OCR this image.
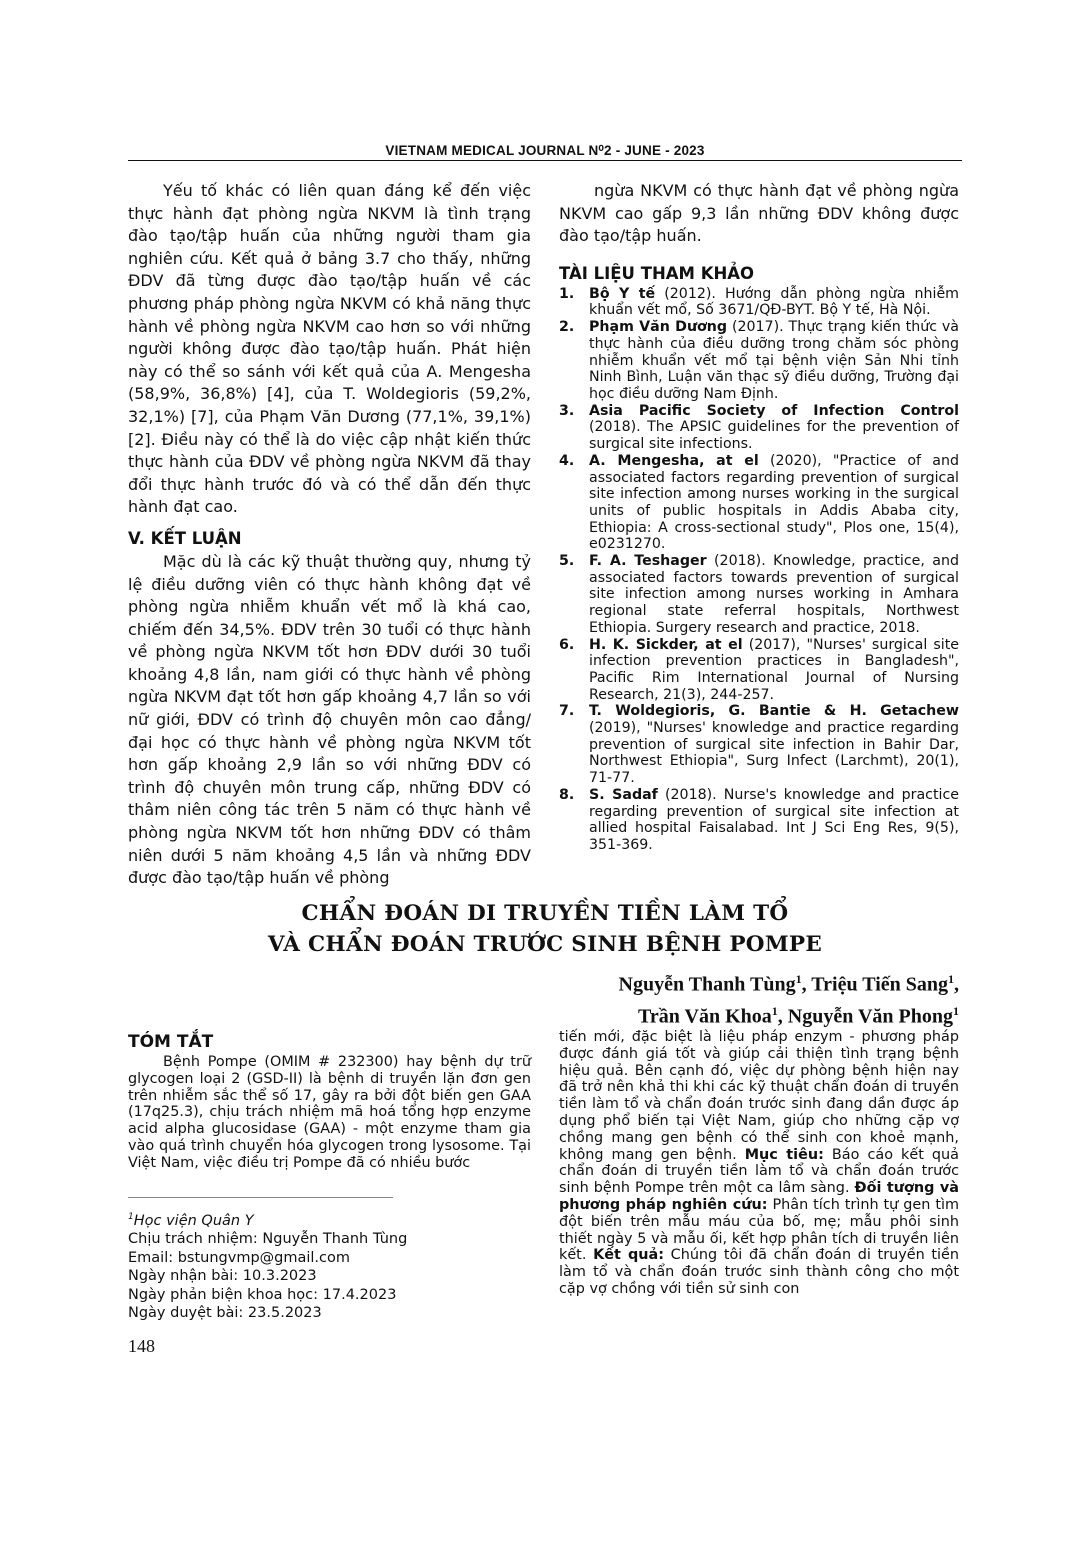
VIETNAM MEDICAL JOURNAL N⁰2 - JUNE - 2023

Yếu tố khác có liên quan đáng kể đến việc thực hành đạt phòng ngừa NKVM là tình trạng đào tạo/tập huấn của những người tham gia nghiên cứu. Kết quả ở bảng 3.7 cho thấy, những ĐDV đã từng được đào tạo/tập huấn về các phương pháp phòng ngừa NKVM có khả năng thực hành về phòng ngừa NKVM cao hơn so với những người không được đào tạo/tập huấn. Phát hiện này có thể so sánh với kết quả của A. Mengesha (58,9%, 36,8%) [4], của T. Woldegioris (59,2%, 32,1%) [7], của Phạm Văn Dương (77,1%, 39,1%) [2]. Điều này có thể là do việc cập nhật kiến thức thực hành của ĐDV về phòng ngừa NKVM đã thay đổi thực hành trước đó và có thể dẫn đến thực hành đạt cao.

V. KẾT LUẬN

Mặc dù là các kỹ thuật thường quy, nhưng tỷ lệ điều dưỡng viên có thực hành không đạt về phòng ngừa nhiễm khuẩn vết mổ là khá cao, chiếm đến 34,5%. ĐDV trên 30 tuổi có thực hành về phòng ngừa NKVM tốt hơn ĐDV dưới 30 tuổi khoảng 4,8 lần, nam giới có thực hành về phòng ngừa NKVM đạt tốt hơn gấp khoảng 4,7 lần so với nữ giới, ĐDV có trình độ chuyên môn cao đẳng/đại học có thực hành về phòng ngừa NKVM tốt hơn gấp khoảng 2,9 lần so với những ĐDV có trình độ chuyên môn trung cấp, những ĐDV có thâm niên công tác trên 5 năm có thực hành về phòng ngừa NKVM tốt hơn những ĐDV có thâm niên dưới 5 năm khoảng 4,5 lần và những ĐDV được đào tạo/tập huấn về phòng

ngừa NKVM có thực hành đạt về phòng ngừa NKVM cao gấp 9,3 lần những ĐDV không được đào tạo/tập huấn.

TÀI LIỆU THAM KHẢO
1. Bộ Y tế (2012). Hướng dẫn phòng ngừa nhiễm khuẩn vết mổ, Số 3671/QĐ-BYT. Bộ Y tế, Hà Nội.
2. Phạm Văn Dương (2017). Thực trạng kiến thức và thực hành của điều dưỡng trong chăm sóc phòng nhiễm khuẩn vết mổ tại bệnh viện Sản Nhi tỉnh Ninh Bình, Luận văn thạc sỹ điều dưỡng, Trường đại học điều dưỡng Nam Định.
3. Asia Pacific Society of Infection Control (2018). The APSIC guidelines for the prevention of surgical site infections.
4. A. Mengesha, at el (2020), "Practice of and associated factors regarding prevention of surgical site infection among nurses working in the surgical units of public hospitals in Addis Ababa city, Ethiopia: A cross-sectional study", Plos one, 15(4), e0231270.
5. F. A. Teshager (2018). Knowledge, practice, and associated factors towards prevention of surgical site infection among nurses working in Amhara regional state referral hospitals, Northwest Ethiopia. Surgery research and practice, 2018.
6. H. K. Sickder, at el (2017), "Nurses' surgical site infection prevention practices in Bangladesh", Pacific Rim International Journal of Nursing Research, 21(3), 244-257.
7. T. Woldegioris, G. Bantie & H. Getachew (2019), "Nurses' knowledge and practice regarding prevention of surgical site infection in Bahir Dar, Northwest Ethiopia", Surg Infect (Larchmt), 20(1), 71-77.
8. S. Sadaf (2018). Nurse's knowledge and practice regarding prevention of surgical site infection at allied hospital Faisalabad. Int J Sci Eng Res, 9(5), 351-369.
CHẨN ĐOÁN DI TRUYỀN TIỀN LÀM TỔ
VÀ CHẨN ĐOÁN TRƯỚC SINH BỆNH POMPE
Nguyễn Thanh Tùng$^1$, Triệu Tiến Sang$^1$,
Trần Văn Khoa$^1$, Nguyễn Văn Phong$^1$
TÓM TẮT
Bệnh Pompe (OMIM # 232300) hay bệnh dự trữ glycogen loại 2 (GSD-II) là bệnh di truyền lặn đơn gen trên nhiễm sắc thể số 17, gây ra bởi đột biến gen GAA (17q25.3), chịu trách nhiệm mã hoá tổng hợp enzyme acid alpha glucosidase (GAA) - một enzyme tham gia vào quá trình chuyển hóa glycogen trong lysosome. Tại Việt Nam, việc điều trị Pompe đã có nhiều bước
tiến mới, đặc biệt là liệu pháp enzym - phương pháp được đánh giá tốt và giúp cải thiện tình trạng bệnh hiệu quả. Bên cạnh đó, việc dự phòng bệnh hiện nay đã trở nên khả thi khi các kỹ thuật chẩn đoán di truyền tiền làm tổ và chẩn đoán trước sinh đang dần được áp dụng phổ biến tại Việt Nam, giúp cho những cặp vợ chồng mang gen bệnh có thể sinh con khoẻ mạnh, không mang gen bệnh. Mục tiêu: Báo cáo kết quả chẩn đoán di truyền tiền làm tổ và chẩn đoán trước sinh bệnh Pompe trên một ca lâm sàng. Đối tượng và phương pháp nghiên cứu: Phân tích trình tự gen tìm đột biến trên mẫu máu của bố, mẹ; mẫu phôi sinh thiết ngày 5 và mẫu ối, kết hợp phân tích di truyền liên kết. Kết quả: Chúng tôi đã chẩn đoán di truyền tiền làm tổ và chẩn đoán trước sinh thành công cho một cặp vợ chồng với tiền sử sinh con
$^1$Học viện Quân Y
Chịu trách nhiệm: Nguyễn Thanh Tùng
Email: bstungvmp@gmail.com
Ngày nhận bài: 10.3.2023
Ngày phản biện khoa học: 17.4.2023
Ngày duyệt bài: 23.5.2023
148
